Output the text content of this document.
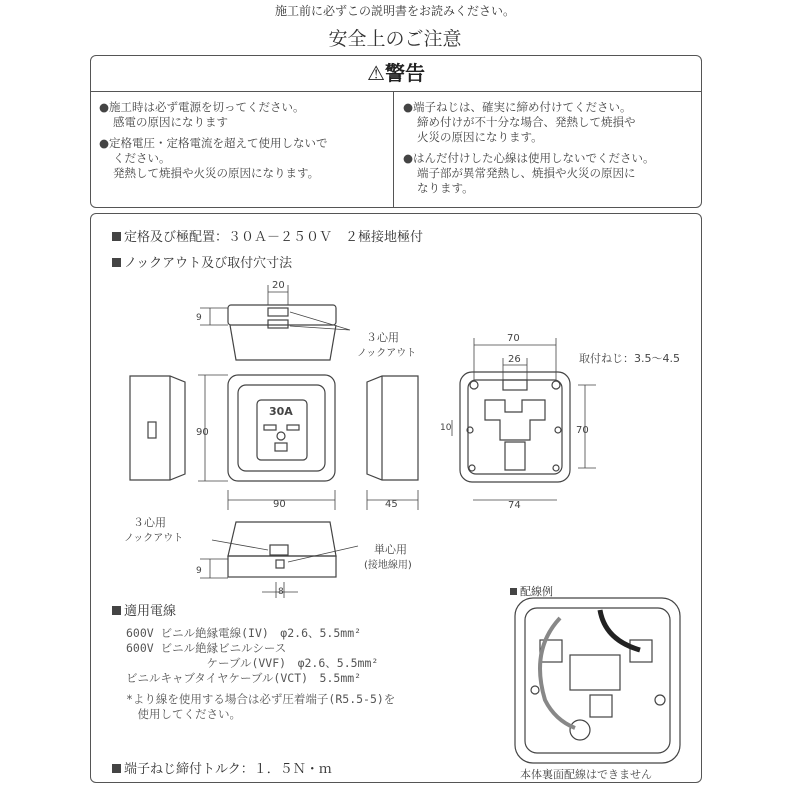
施工前に必ずこの説明書をお読みください。
安全上のご注意
⚠警告

●施工時は必ず電源を切ってください。
感電の原因になります

●定格電圧・定格電流を超えて使用しないで
ください。
発熱して焼損や火災の原因になります。

●端子ねじは、確実に締め付けてください。
締め付けが不十分な場合、発熱して焼損や
火災の原因になります。

●はんだ付けした心線は使用しないでください。
端子部が異常発熱し、焼損や火災の原因に
なります。

定格及び極配置：３０Ａ－２５０Ｖ　２極接地極付
ノックアウト及び取付穴寸法
20
9
３心用
ノックアウト
30A
90
90	45
70
26
70
10
74
取付ねじ：3.5～4.5
３心用
ノックアウト
単心用
(接地線用)
9
8	配線例
本体裏面配線はできません
適用電線
600V ビニル絶縁電線(IV)　φ2.6、5.5mm²
600V ビニル絶縁ビニルシース
　　　　　　　ケーブル(VVF)　φ2.6、5.5mm²
ビニルキャブタイヤケーブル(VCT)　5.5mm²
*より線を使用する場合は必ず圧着端子(R5.5-5)を
　使用してください。
端子ねじ締付トルク：１．５Ｎ・ｍ
